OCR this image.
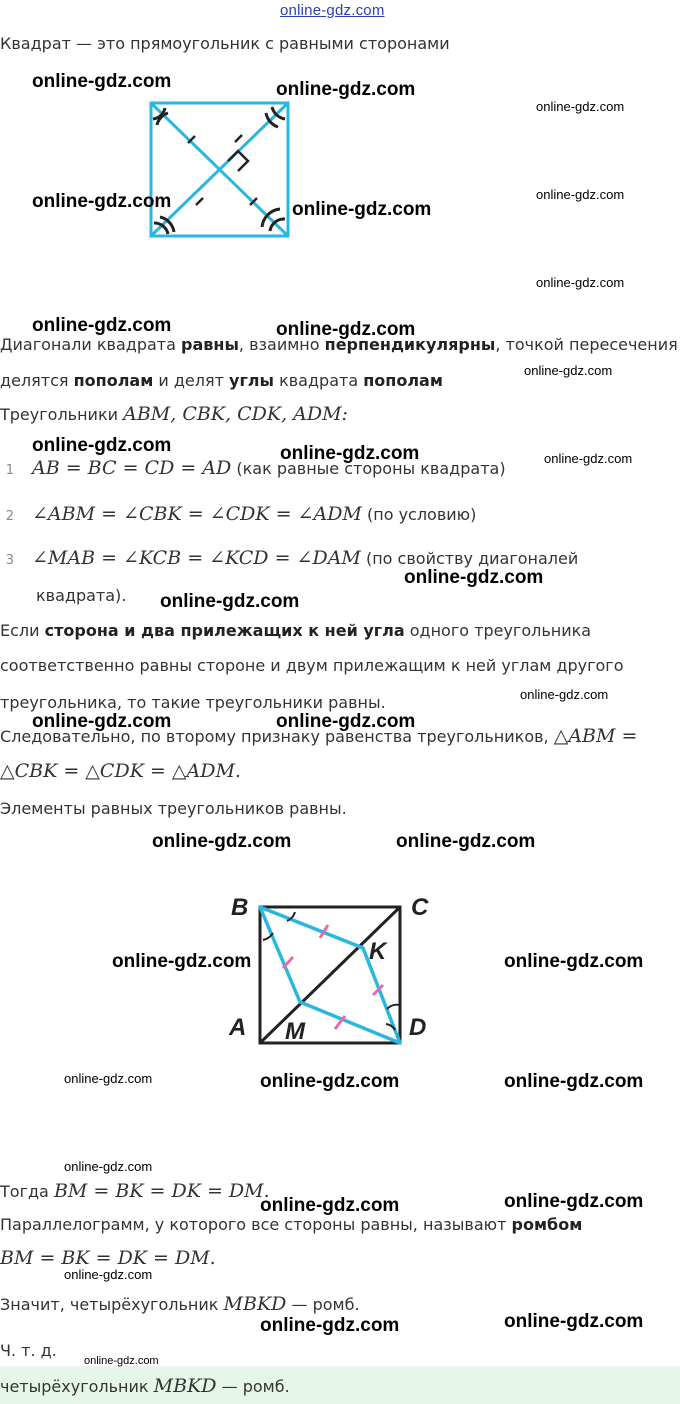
online-gdz.com
Квадрат — это прямоугольник с равными сторонами
Диагонали квадрата равны, взаимно перпендикулярны, точкой пересечения
делятся пополам и делят углы квадрата пополам
Треугольники ABM, CBK, CDK, ADM:
1 AB = BC = CD = AD (как равные стороны квадрата)
2 ∠ABM = ∠CBK = ∠CDK = ∠ADM (по условию)
3 ∠MAB = ∠KCB = ∠KCD = ∠DAM (по свойству диагоналей
квадрата).
Если сторона и два прилежащих к ней угла одного треугольника
соответственно равны стороне и двум прилежащим к ней углам другого
треугольника, то такие треугольники равны.
Следовательно, по второму признаку равенства треугольников, △ABM =
△CBK = △CDK = △ADM.
Элементы равных треугольников равны.
B	C
K
A M	D
Тогда BM = BK = DK = DM.
Параллелограмм, у которого все стороны равны, называют ромбом
BM = BK = DK = DM.
Значит, четырёхугольник MBKD — ромб.
Ч. т. д.
четырёхугольник MBKD — ромб.
online-gdz.com	online-gdz.com
online-gdz.com	online-gdz.com
online-gdz.com	online-gdz.com
online-gdz.com	online-gdz.com
online-gdz.com
online-gdz.com
online-gdz.com	online-gdz.com
online-gdz.com	online-gdz.com
online-gdz.com	online-gdz.com
online-gdz.com	online-gdz.com
online-gdz.com	online-gdz.com
online-gdz.com	online-gdz.com
online-gdz.com
online-gdz.com
online-gdz.com
online-gdz.com
online-gdz.com
online-gdz.com
online-gdz.com
online-gdz.com
online-gdz.com
online-gdz.com
